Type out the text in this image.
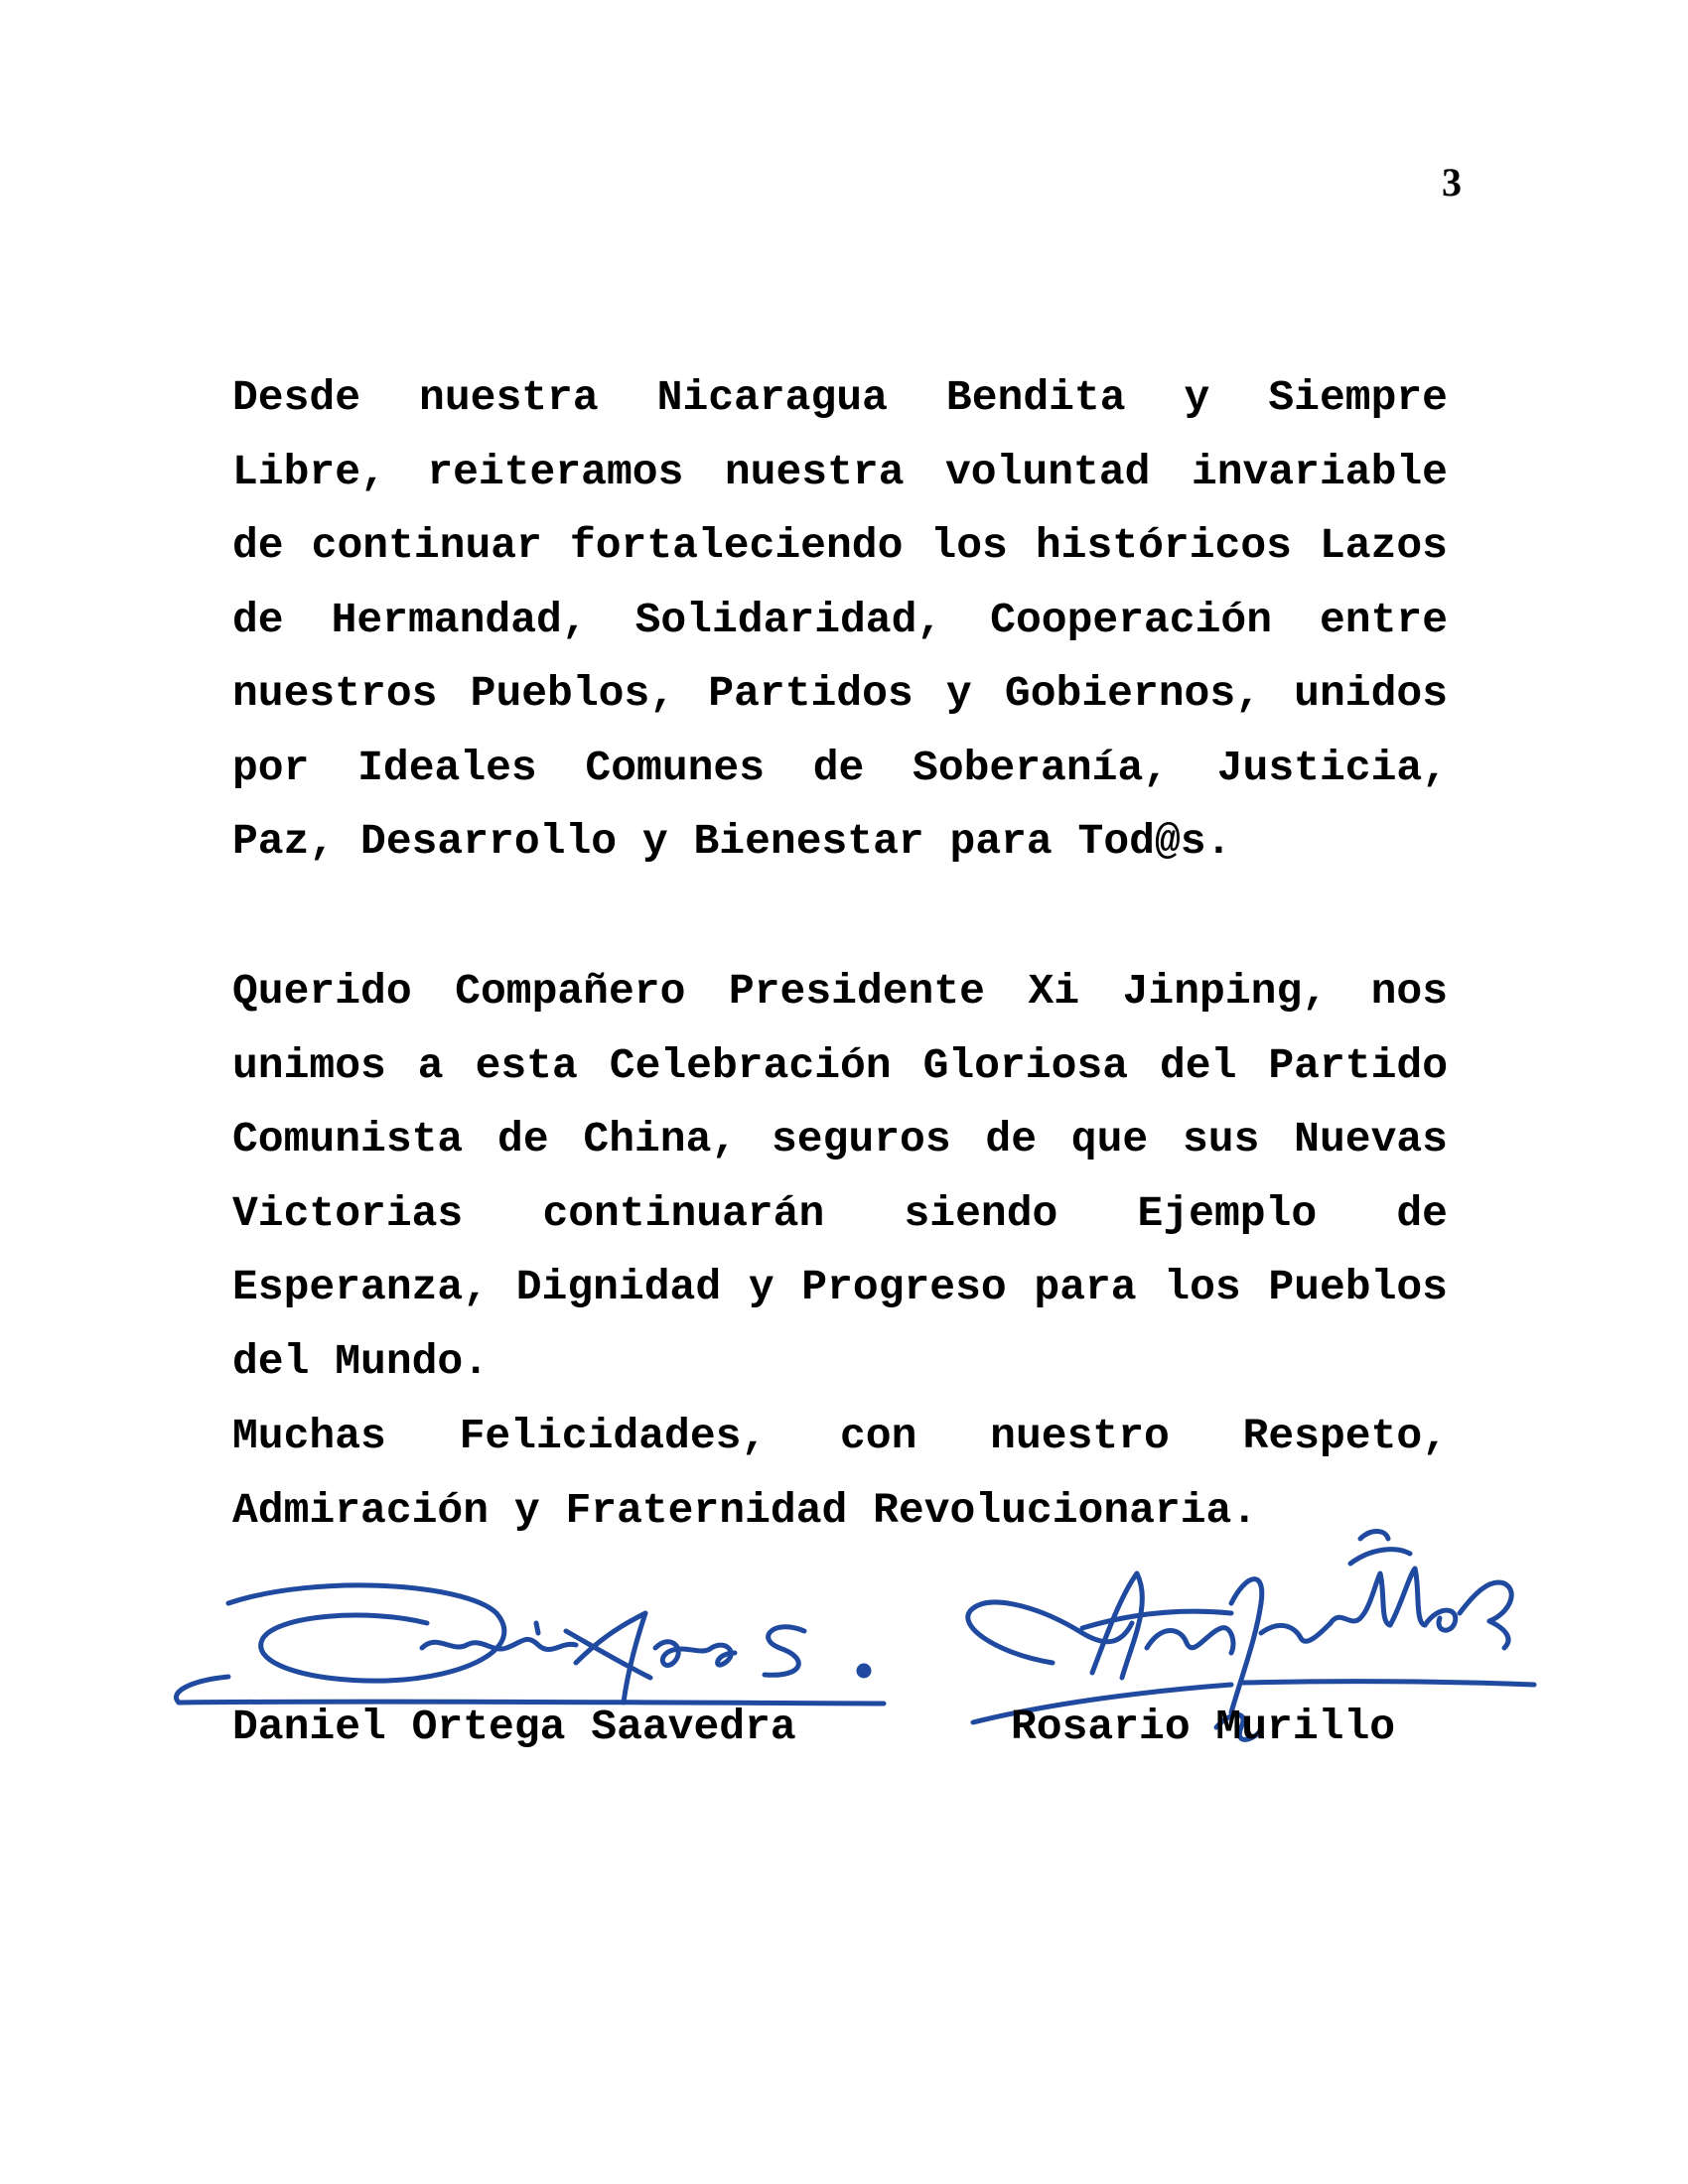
3

Desde nuestra Nicaragua Bendita y Siempre Libre, reiteramos nuestra voluntad invariable de continuar fortaleciendo los históricos Lazos de Hermandad, Solidaridad, Cooperación entre nuestros Pueblos, Partidos y Gobiernos, unidos por Ideales Comunes de Soberanía, Justicia, Paz, Desarrollo y Bienestar para Tod@s.

Querido Compañero Presidente Xi Jinping, nos unimos a esta Celebración Gloriosa del Partido Comunista de China, seguros de que sus Nuevas Victorias continuarán siendo Ejemplo de Esperanza, Dignidad y Progreso para los Pueblos del Mundo.

Muchas Felicidades, con nuestro Respeto, Admiración y Fraternidad Revolucionaria.

Daniel Ortega Saavedra	Rosario Murillo
